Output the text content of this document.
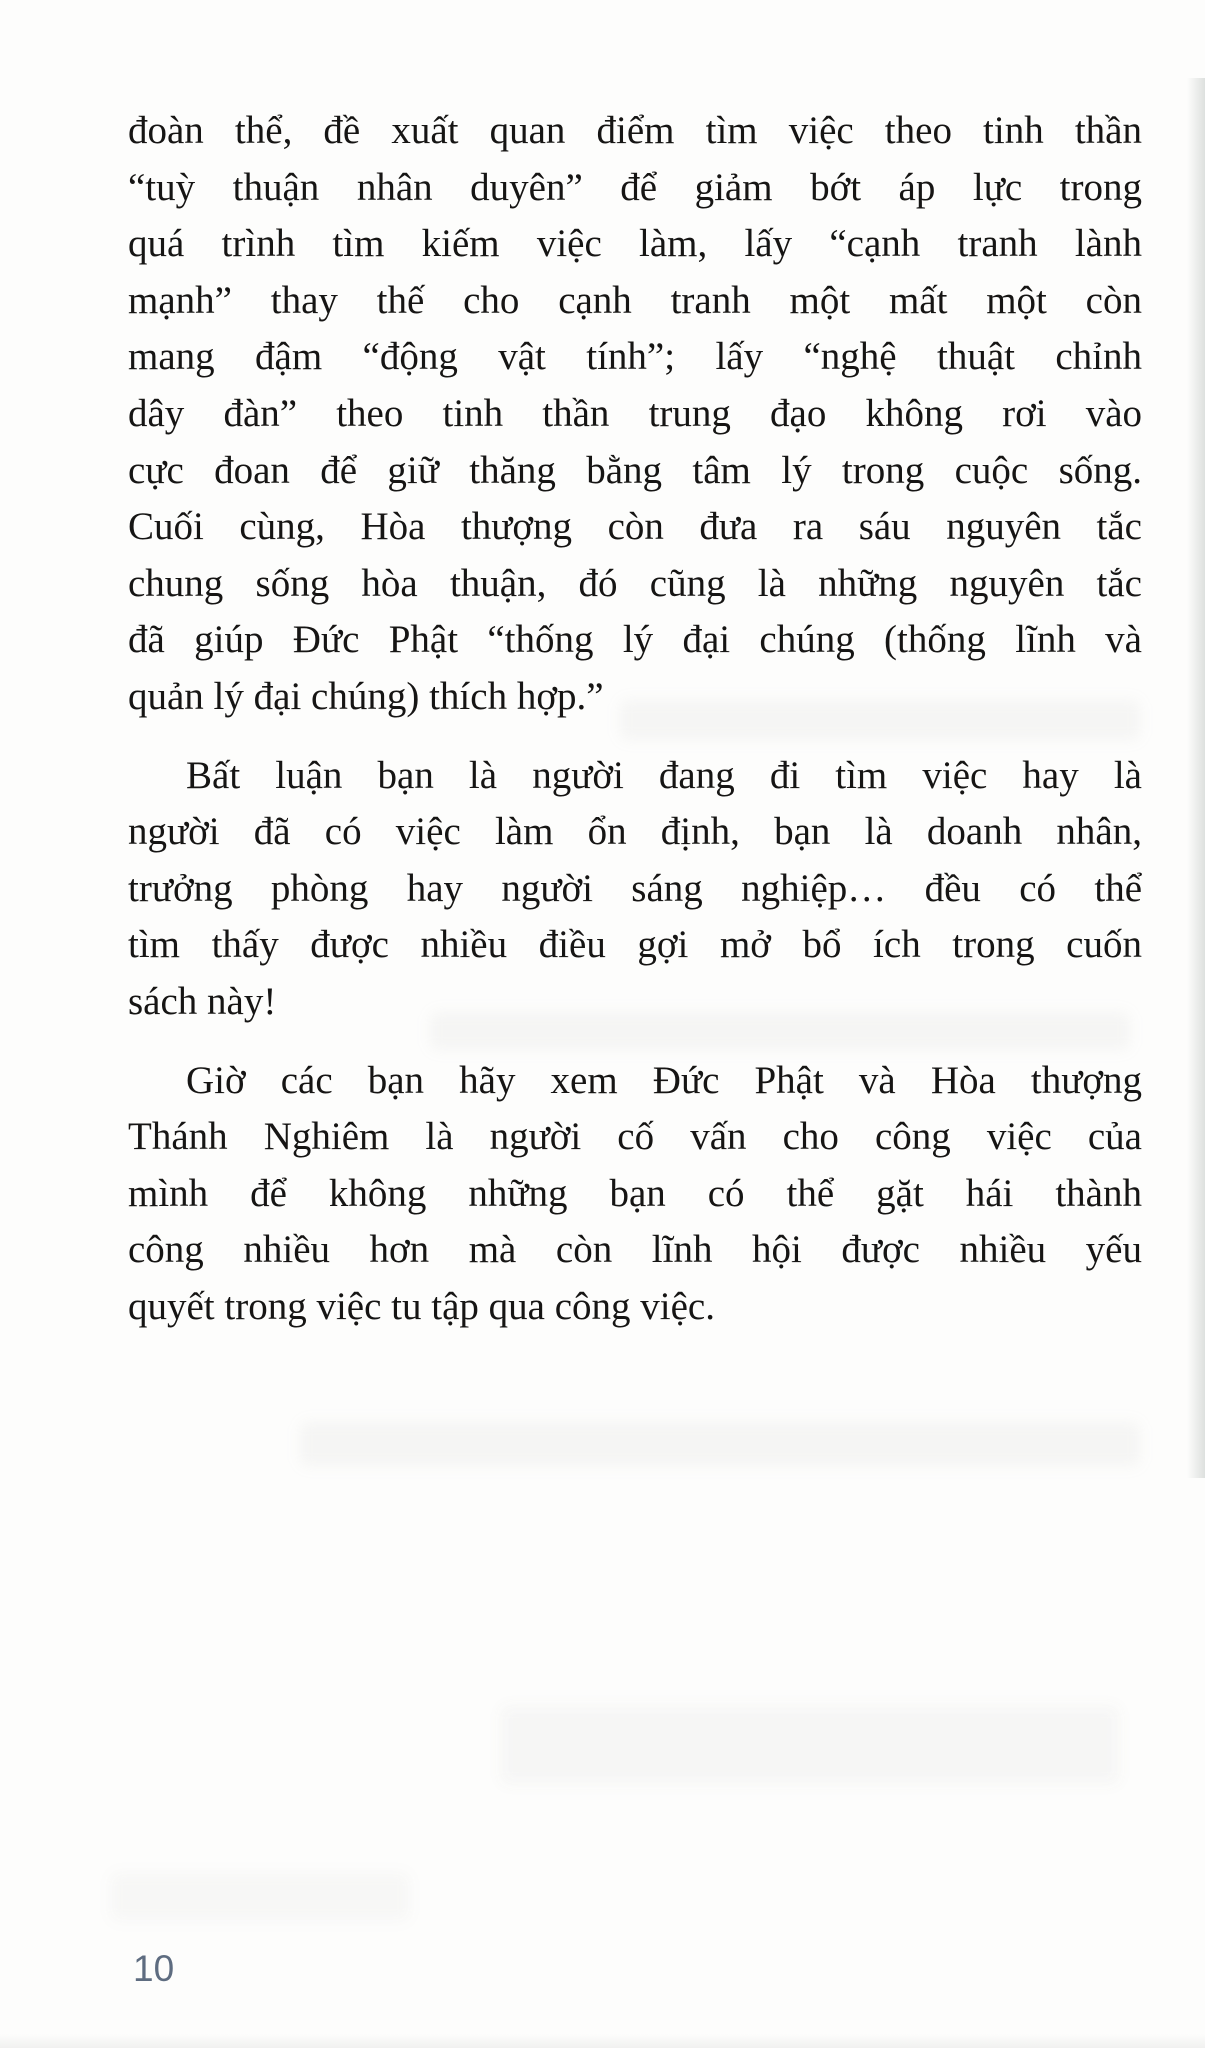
đoàn thể, đề xuất quan điểm tìm việc theo tinh thần
“tuỳ thuận nhân duyên” để giảm bớt áp lực trong
quá trình tìm kiếm việc làm, lấy “cạnh tranh lành
mạnh” thay thế cho cạnh tranh một mất một còn
mang đậm “động vật tính”; lấy “nghệ thuật chỉnh
dây đàn” theo tinh thần trung đạo không rơi vào
cực đoan để giữ thăng bằng tâm lý trong cuộc sống.
Cuối cùng, Hòa thượng còn đưa ra sáu nguyên tắc
chung sống hòa thuận, đó cũng là những nguyên tắc
đã giúp Đức Phật “thống lý đại chúng (thống lĩnh và
quản lý đại chúng) thích hợp.”

Bất luận bạn là người đang đi tìm việc hay là
người đã có việc làm ổn định, bạn là doanh nhân,
trưởng phòng hay người sáng nghiệp… đều có thể
tìm thấy được nhiều điều gợi mở bổ ích trong cuốn
sách này!

Giờ các bạn hãy xem Đức Phật và Hòa thượng
Thánh Nghiêm là người cố vấn cho công việc của
mình để không những bạn có thể gặt hái thành
công nhiều hơn mà còn lĩnh hội được nhiều yếu
quyết trong việc tu tập qua công việc.

10
